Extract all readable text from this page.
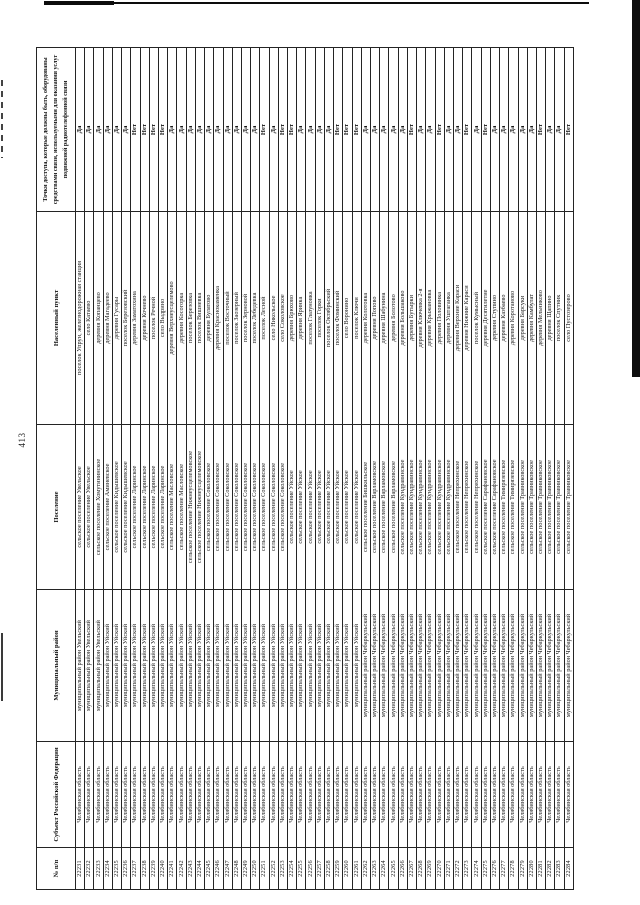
413
№ п/п	Субъект Российской Федерации	Муниципальный район	Поселение	Населенный пункт	Точки доступа, которые должны быть, оборудованы средствами связи, используемыми для оказания услуг подвижной радиотелефонной связи
22231	Челябинская область	муниципальный район Увельский	сельское поселение Увельское	поселок Упрун, железнодорожная станция	Да
22232	Челябинская область	муниципальный район Увельский	сельское поселение Увельское	село Катаево	Да
22233	Челябинская область	муниципальный район Увельский	сельское поселение Хомутининское	деревня Копанцево	Да
22234	Челябинская область	муниципальный район Уйский	сельское поселение Аминевское	деревня Магадеево	Да
22235	Челябинская область	муниципальный район Уйский	сельское поселение Кидышевское	деревня Гусары	Да
22236	Челябинская область	муниципальный район Уйский	сельское поселение Кидышевское	поселок Березовский	Да
22237	Челябинская область	муниципальный район Уйский	сельское поселение Ларинское	деревня Заматохина	Нет
22238	Челябинская область	муниципальный район Уйский	сельское поселение Ларинское	деревня Кочнево	Нет
22239	Челябинская область	муниципальный район Уйский	сельское поселение Ларинское	поселок Речной	Нет
22240	Челябинская область	муниципальный район Уйский	сельское поселение Ларинское	село Выдрино	Нет
22241	Челябинская область	муниципальный район Уйский	сельское поселение Масловское	деревня Верхнеусцелемово	Да
22242	Челябинская область	муниципальный район Уйский	сельское поселение Масловское	деревня Косогорка	Да
22243	Челябинская область	муниципальный район Уйский	сельское поселение Нижнеусцелемовское	поселок Березовка	Да
22244	Челябинская область	муниципальный район Уйский	сельское поселение Нижнеусцелемовское	поселок Вишневка	Да
22245	Челябинская область	муниципальный район Уйский	сельское поселение Соколовское	деревня Булатово	Да
22246	Челябинская область	муниципальный район Уйский	сельское поселение Соколовское	деревня Краснокаменка	Да
22247	Челябинская область	муниципальный район Уйский	сельское поселение Соколовское	поселок Восточный	Да
22248	Челябинская область	муниципальный район Уйский	сельское поселение Соколовское	поселок Заозерный	Да
22249	Челябинская область	муниципальный район Уйский	сельское поселение Соколовское	поселок Зерновой	Да
22250	Челябинская область	муниципальный район Уйский	сельское поселение Соколовское	поселок Лебедевка	Да
22251	Челябинская область	муниципальный район Уйский	сельское поселение Соколовское	поселок Лесной	Нет
22252	Челябинская область	муниципальный район Уйский	сельское поселение Соколовское	село Никольское	Да
22253	Челябинская область	муниципальный район Уйский	сельское поселение Соколовское	село Соколовское	Нет
22254	Челябинская область	муниципальный район Уйский	сельское поселение Уйское	деревня Брюхово	Нет
22255	Челябинская область	муниципальный район Уйский	сельское поселение Уйское	деревня Яринка	Да
22256	Челябинская область	муниципальный район Уйский	сельское поселение Уйское	поселок Глазуновка	Да
22257	Челябинская область	муниципальный район Уйский	сельское поселение Уйское	поселок Горки	Да
22258	Челябинская область	муниципальный район Уйский	сельское поселение Уйское	поселок Октябрьский	Да
22259	Челябинская область	муниципальный район Уйский	сельское поселение Уйское	поселок Фоминский	Нет
22260	Челябинская область	муниципальный район Уйский	сельское поселение Уйское	село Воронино	Нет
22261	Челябинская область	муниципальный район Уйский	сельское поселение Уйское	поселок Ключи	Нет
22262	Челябинская область	муниципальный район Чебаркульский	сельское поселение Бишкильское	деревня Колотовка	Да
22263	Челябинская область	муниципальный район Чебаркульский	сельское поселение Варламовское	деревня Попово	Да
22264	Челябинская область	муниципальный район Чебаркульский	сельское поселение Варламовское	деревня Шабунина	Да
22265	Челябинская область	муниципальный район Чебаркульский	сельское поселение Варламовское	деревня Болотово	Да
22266	Челябинская область	муниципальный район Чебаркульский	сельское поселение Кундравинское	деревня Большаково	Да
22267	Челябинская область	муниципальный район Чебаркульский	сельское поселение Кундравинское	деревня Бутырки	Нет
22268	Челябинская область	муниципальный район Чебаркульский	сельское поселение Кундравинское	деревня Ключевка 2-я	Да
22269	Челябинская область	муниципальный район Чебаркульский	сельское поселение Кундравинское	деревня Крыжановка	Да
22270	Челябинская область	муниципальный район Чебаркульский	сельское поселение Кундравинское	деревня Половинка	Нет
22271	Челябинская область	муниципальный район Чебаркульский	сельское поселение Кундравинское	деревня Уштаганка	Да
22272	Челябинская область	муниципальный район Чебаркульский	сельское поселение Непряхинское	деревня Верхние Караси	Да
22273	Челябинская область	муниципальный район Чебаркульский	сельское поселение Непряхинское	деревня Нижние Караси	Нет
22274	Челябинская область	муниципальный район Чебаркульский	сельское поселение Непряхинское	поселок Кумысный	Да
22275	Челябинская область	муниципальный район Чебаркульский	сельское поселение Сарафановское	деревня Десятилетие	Нет
22276	Челябинская область	муниципальный район Чебаркульский	сельское поселение Сарафановское	деревня Ступино	Да
22277	Челябинская область	муниципальный район Чебаркульский	сельское поселение Тимирязевское	деревня Казбаево	Да
22278	Челябинская область	муниципальный район Чебаркульский	сельское поселение Тимирязевское	деревня Коротаново	Да
22279	Челябинская область	муниципальный район Чебаркульский	сельское поселение Травниковское	деревня Барсуки	Да
22280	Челябинская область	муниципальный район Чебаркульский	сельское поселение Травниковское	деревня Камбулат	Да
22281	Челябинская область	муниципальный район Чебаркульский	сельское поселение Травниковское	деревня Мельниково	Нет
22282	Челябинская область	муниципальный район Чебаркульский	сельское поселение Травниковское	деревня Щапино	Да
22283	Челябинская область	муниципальный район Чебаркульский	сельское поселение Травниковское	поселок Спутник	Да
22284	Челябинская область	муниципальный район Чебаркульский	сельское поселение Травниковское	село Пустозерово	Нет
